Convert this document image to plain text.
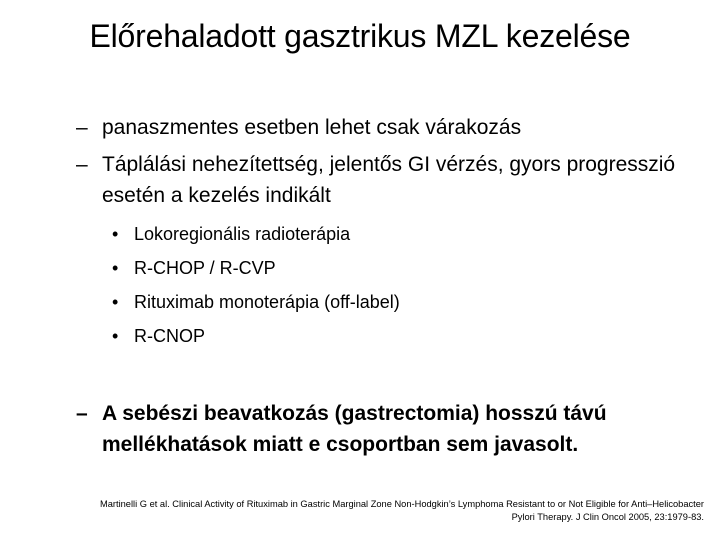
Előrehaladott gasztrikus MZL kezelése
– panaszmentes esetben lehet csak várakozás
– Táplálási nehezítettség, jelentős GI vérzés, gyors progresszió esetén a kezelés indikált
• Lokoregionális radioterápia
• R-CHOP / R-CVP
• Rituximab monoterápia (off-label)
• R-CNOP
– A sebészi beavatkozás (gastrectomia) hosszú távú mellékhatások miatt e csoportban sem javasolt.
Martinelli G et al. Clinical Activity of Rituximab in Gastric Marginal Zone Non-Hodgkin’s Lymphoma Resistant to or Not Eligible for Anti–Helicobacter
Pylori Therapy. J Clin Oncol 2005, 23:1979-83.
